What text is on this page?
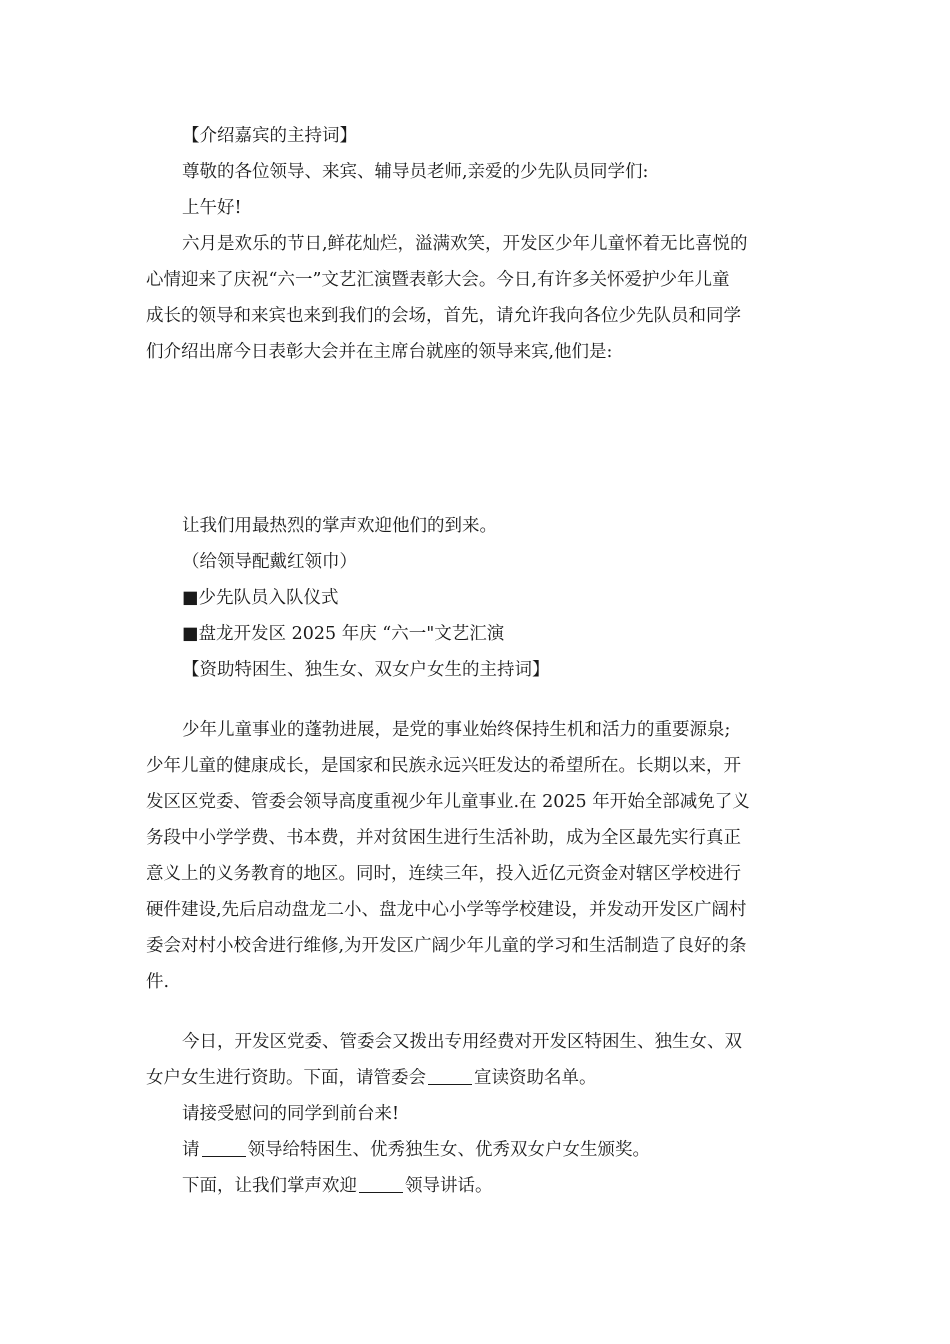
【介绍嘉宾的主持词】
尊敬的各位领导、来宾、辅导员老师,亲爱的少先队员同学们:
上午好!
六月是欢乐的节日,鲜花灿烂，溢满欢笑，开发区少年儿童怀着无比喜悦的
心情迎来了庆祝“六一”文艺汇演暨表彰大会。今日,有许多关怀爱护少年儿童
成长的领导和来宾也来到我们的会场，首先，请允许我向各位少先队员和同学
们介绍出席今日表彰大会并在主席台就座的领导来宾,他们是:
让我们用最热烈的掌声欢迎他们的到来。
（给领导配戴红领巾）
■少先队员入队仪式
■盘龙开发区 2025 年庆 “六一"文艺汇演
【资助特困生、独生女、双女户女生的主持词】
少年儿童事业的蓬勃进展，是党的事业始终保持生机和活力的重要源泉;
少年儿童的健康成长，是国家和民族永远兴旺发达的希望所在。长期以来，开
发区区党委、管委会领导高度重视少年儿童事业.在 2025 年开始全部减免了义
务段中小学学费、书本费，并对贫困生进行生活补助，成为全区最先实行真正
意义上的义务教育的地区。同时，连续三年，投入近亿元资金对辖区学校进行
硬件建设,先后启动盘龙二小、盘龙中心小学等学校建设，并发动开发区广阔村
委会对村小校舍进行维修,为开发区广阔少年儿童的学习和生活制造了良好的条
件.
今日，开发区党委、管委会又拨出专用经费对开发区特困生、独生女、双
女户女生进行资助。下面，请管委会	宣读资助名单。
请接受慰问的同学到前台来!
请	领导给特困生、优秀独生女、优秀双女户女生颁奖。
下面，让我们掌声欢迎	领导讲话。
